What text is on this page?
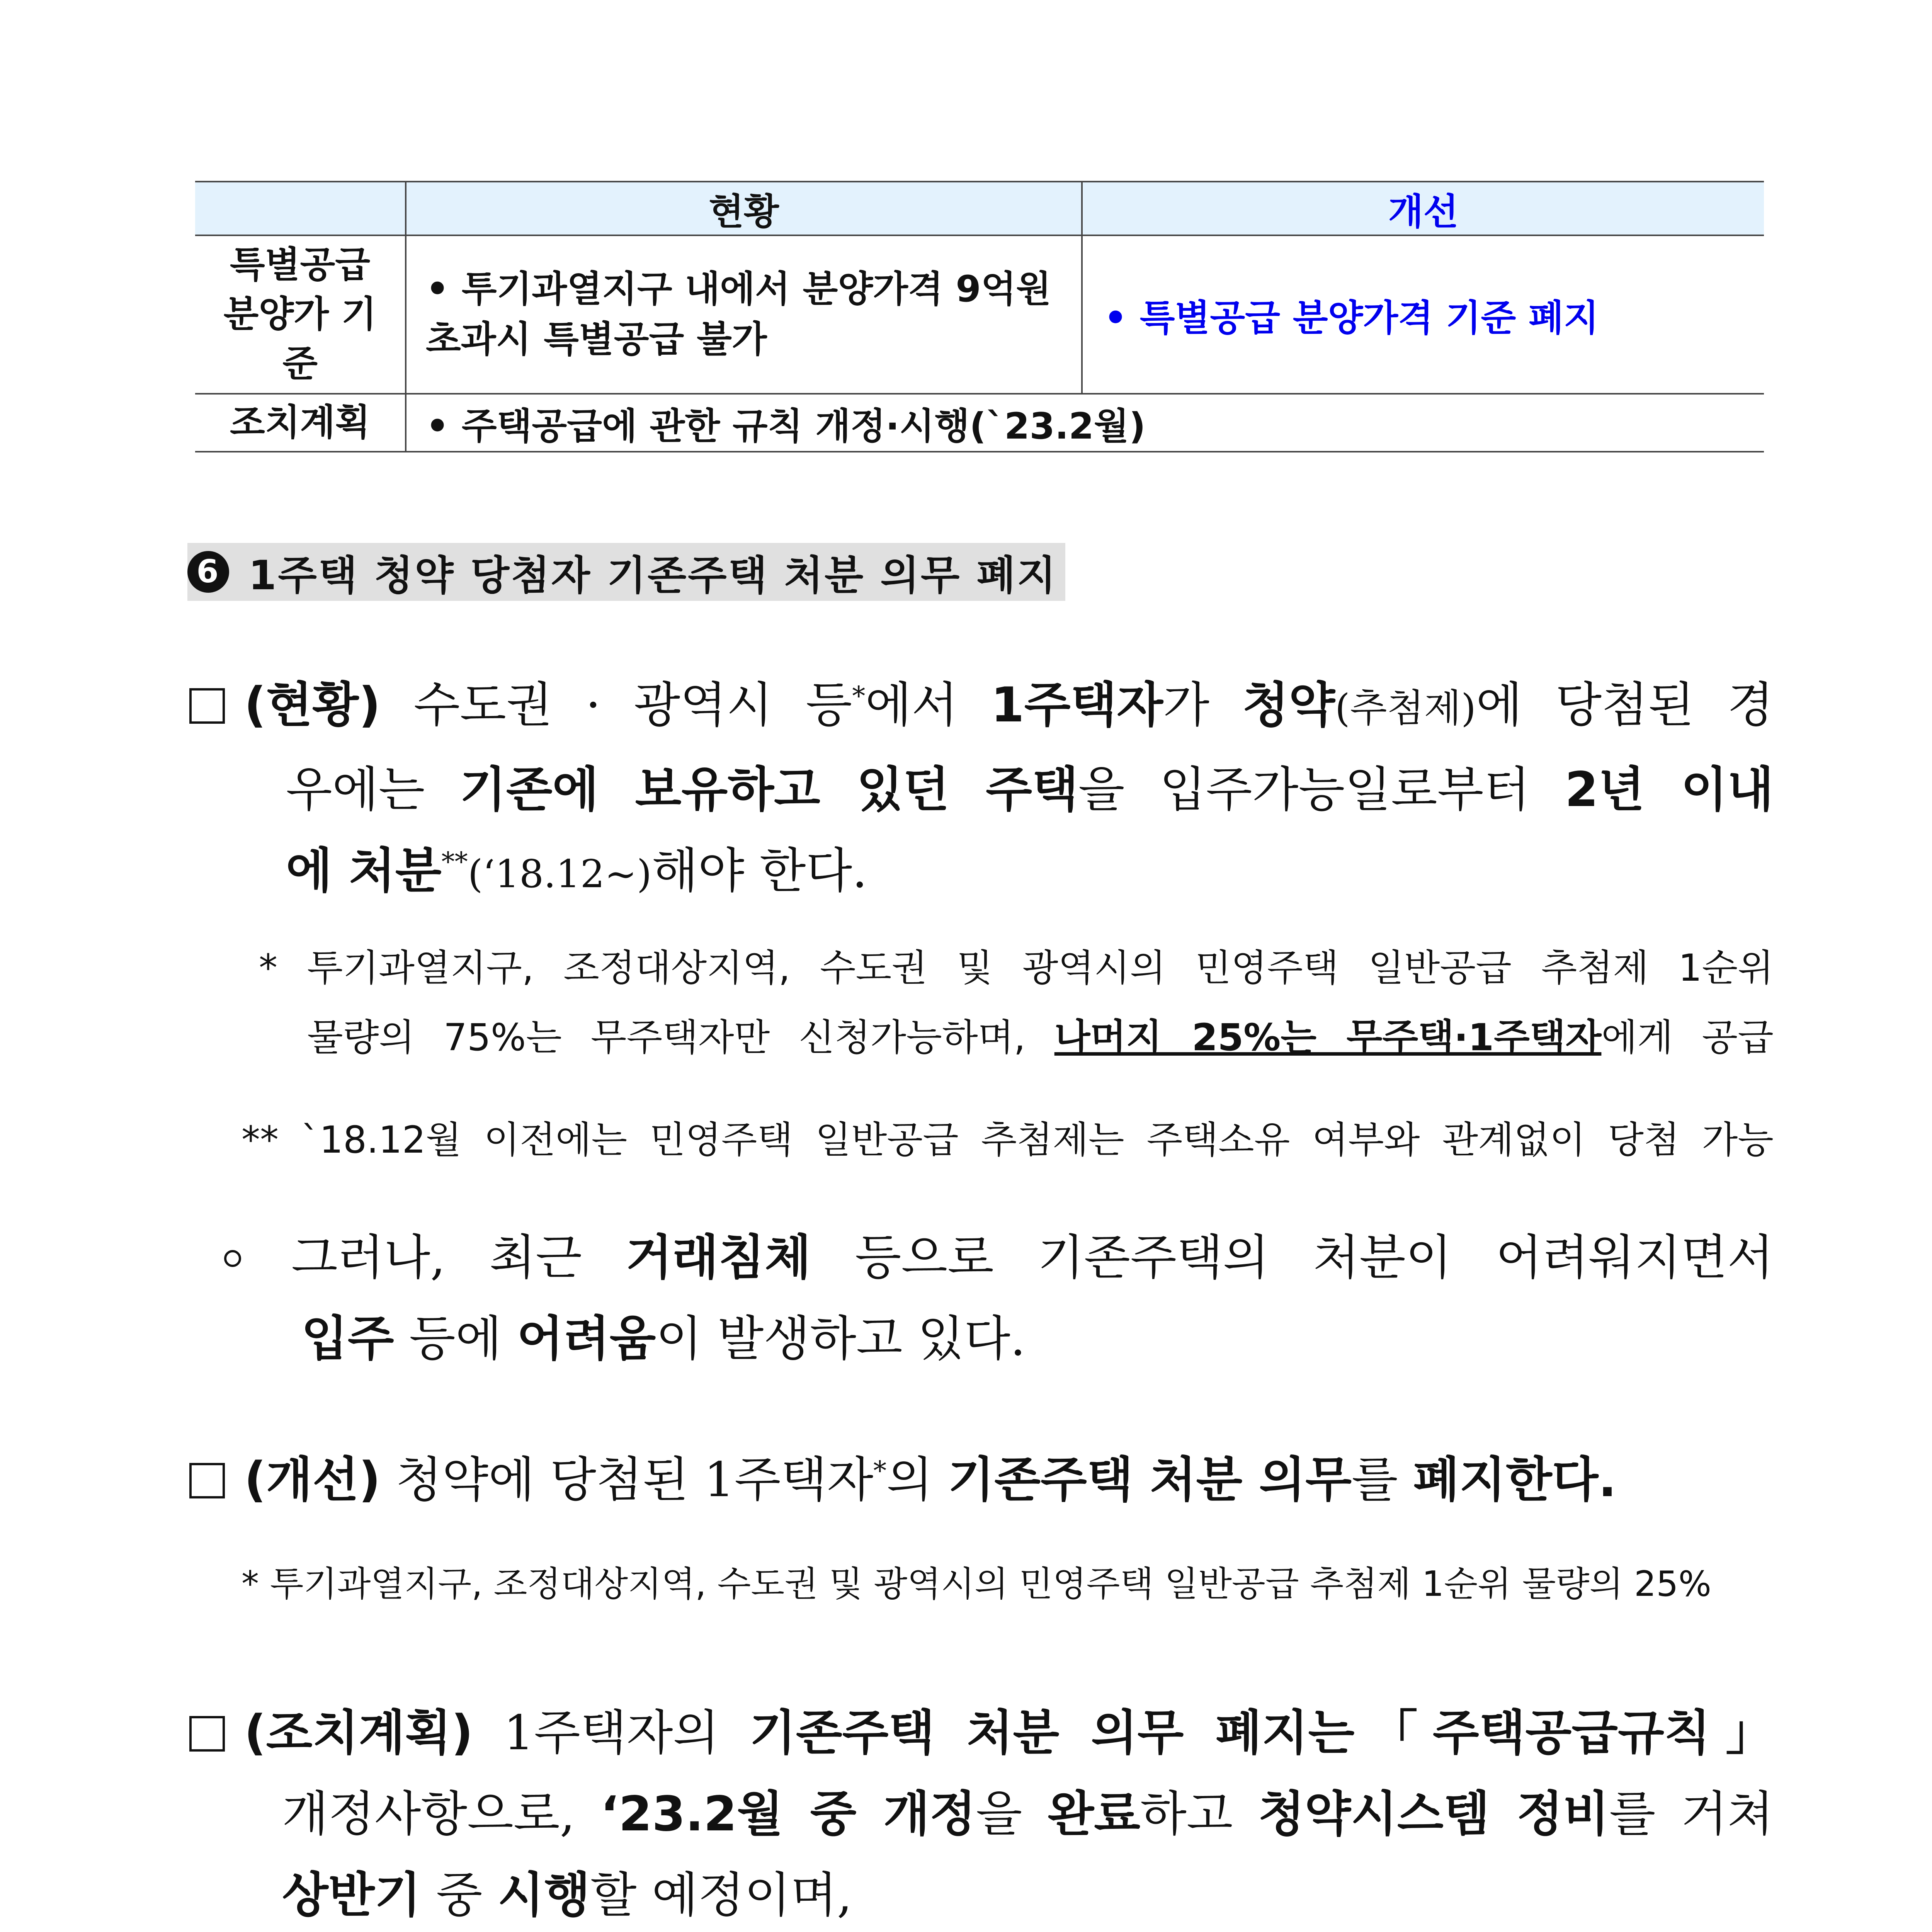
	현황	개선
특별공급 분양가 기준	• 투기과열지구 내에서 분양가격 9억원 초과시 특별공급 불가	• 특별공급 분양가격 기준 폐지
조치계획	• 주택공급에 관한 규칙 개정·시행(`23.2월)	
6 1주택 청약 당첨자 기존주택 처분 의무 폐지
(현황) 수도권 · 광역시 등*에서 1주택자가 청약(추첨제)에 당첨된 경
우에는 기존에 보유하고 있던 주택을 입주가능일로부터 2년 이내
에 처분**(‘18.12~)해야 한다.
* 투기과열지구, 조정대상지역, 수도권 및 광역시의 민영주택 일반공급 추첨제 1순위
물량의 75%는 무주택자만 신청가능하며, 나머지 25%는 무주택·1주택자에게 공급
** `18.12월 이전에는 민영주택 일반공급 추첨제는 주택소유 여부와 관계없이 당첨 가능
그러나, 최근 거래침체 등으로 기존주택의 처분이 어려워지면서
입주 등에 어려움이 발생하고 있다.
(개선) 청약에 당첨된 1주택자*의 기존주택 처분 의무를 폐지한다.
* 투기과열지구, 조정대상지역, 수도권 및 광역시의 민영주택 일반공급 추첨제 1순위 물량의 25%
(조치계획) 1주택자의 기존주택 처분 의무 폐지는「주택공급규칙」
개정사항으로, ‘23.2월 중 개정을 완료하고 청약시스템 정비를 거쳐
상반기 중 시행할 예정이며,
